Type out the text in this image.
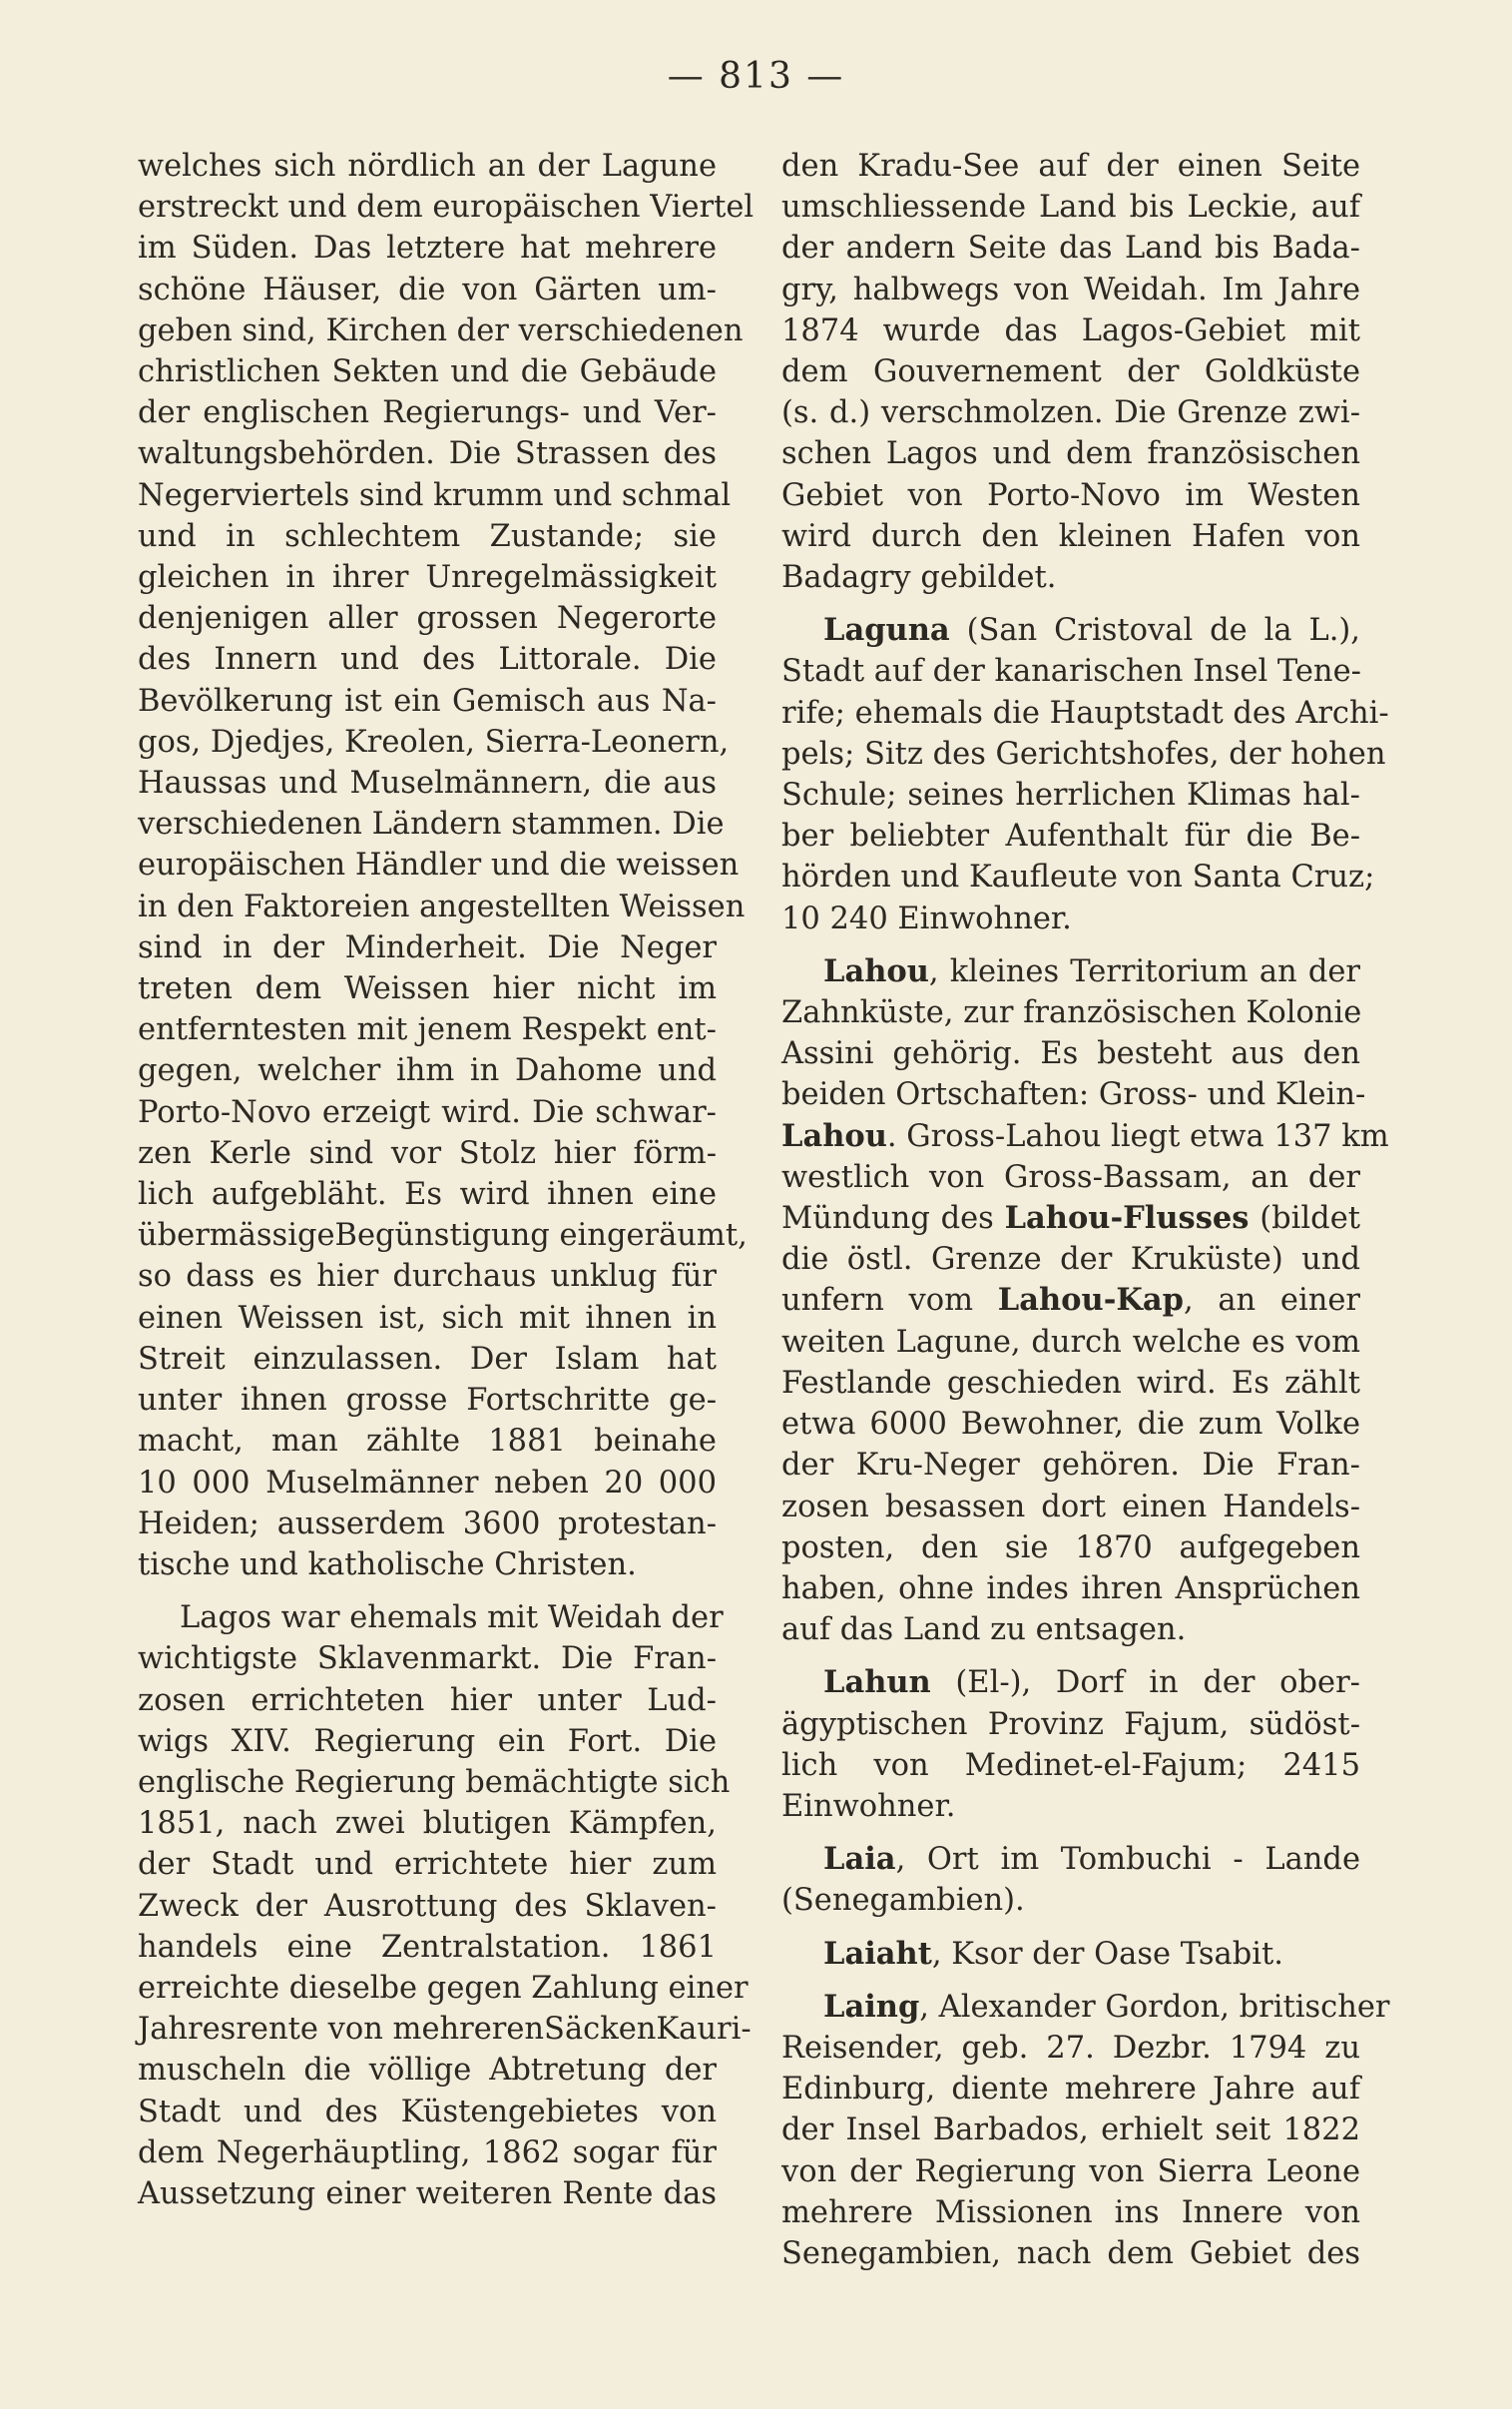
— 813 —
welches sich nördlich an der Lagune
erstreckt und dem europäischen Viertel
im Süden. Das letztere hat mehrere
schöne Häuser, die von Gärten um-
geben sind, Kirchen der verschiedenen
christlichen Sekten und die Gebäude
der englischen Regierungs- und Ver-
waltungsbehörden. Die Strassen des
Negerviertels sind krumm und schmal
und in schlechtem Zustande; sie
gleichen in ihrer Unregelmässigkeit
denjenigen aller grossen Negerorte
des Innern und des Littorale. Die
Bevölkerung ist ein Gemisch aus Na-
gos, Djedjes, Kreolen, Sierra-Leonern,
Haussas und Muselmännern, die aus
verschiedenen Ländern stammen. Die
europäischen Händler und die weissen
in den Faktoreien angestellten Weissen
sind in der Minderheit. Die Neger
treten dem Weissen hier nicht im
entferntesten mit jenem Respekt ent-
gegen, welcher ihm in Dahome und
Porto-Novo erzeigt wird. Die schwar-
zen Kerle sind vor Stolz hier förm-
lich aufgebläht. Es wird ihnen eine
übermässigeBegünstigung eingeräumt,
so dass es hier durchaus unklug für
einen Weissen ist, sich mit ihnen in
Streit einzulassen. Der Islam hat
unter ihnen grosse Fortschritte ge-
macht, man zählte 1881 beinahe
10 000 Muselmänner neben 20 000
Heiden; ausserdem 3600 protestan-
tische und katholische Christen.
Lagos war ehemals mit Weidah der
wichtigste Sklavenmarkt. Die Fran-
zosen errichteten hier unter Lud-
wigs XIV. Regierung ein Fort. Die
englische Regierung bemächtigte sich
1851, nach zwei blutigen Kämpfen,
der Stadt und errichtete hier zum
Zweck der Ausrottung des Sklaven-
handels eine Zentralstation. 1861
erreichte dieselbe gegen Zahlung einer
Jahresrente von mehrerenSäckenKauri-
muscheln die völlige Abtretung der
Stadt und des Küstengebietes von
dem Negerhäuptling, 1862 sogar für
Aussetzung einer weiteren Rente das
den Kradu-See auf der einen Seite
umschliessende Land bis Leckie, auf
der andern Seite das Land bis Bada-
gry, halbwegs von Weidah. Im Jahre
1874 wurde das Lagos-Gebiet mit
dem Gouvernement der Goldküste
(s. d.) verschmolzen. Die Grenze zwi-
schen Lagos und dem französischen
Gebiet von Porto-Novo im Westen
wird durch den kleinen Hafen von
Badagry gebildet.
Laguna (San Cristoval de la L.),
Stadt auf der kanarischen Insel Tene-
rife; ehemals die Hauptstadt des Archi-
pels; Sitz des Gerichtshofes, der hohen
Schule; seines herrlichen Klimas hal-
ber beliebter Aufenthalt für die Be-
hörden und Kaufleute von Santa Cruz;
10 240 Einwohner.
Lahou, kleines Territorium an der
Zahnküste, zur französischen Kolonie
Assini gehörig. Es besteht aus den
beiden Ortschaften: Gross- und Klein-
Lahou. Gross-Lahou liegt etwa 137 km
westlich von Gross-Bassam, an der
Mündung des Lahou-Flusses (bildet
die östl. Grenze der Kruküste) und
unfern vom Lahou-Kap, an einer
weiten Lagune, durch welche es vom
Festlande geschieden wird. Es zählt
etwa 6000 Bewohner, die zum Volke
der Kru-Neger gehören. Die Fran-
zosen besassen dort einen Handels-
posten, den sie 1870 aufgegeben
haben, ohne indes ihren Ansprüchen
auf das Land zu entsagen.
Lahun (El-), Dorf in der ober-
ägyptischen Provinz Fajum, südöst-
lich von Medinet-el-Fajum; 2415
Einwohner.
Laia, Ort im Tombuchi - Lande
(Senegambien).
Laiaht, Ksor der Oase Tsabit.
Laing, Alexander Gordon, britischer
Reisender, geb. 27. Dezbr. 1794 zu
Edinburg, diente mehrere Jahre auf
der Insel Barbados, erhielt seit 1822
von der Regierung von Sierra Leone
mehrere Missionen ins Innere von
Senegambien, nach dem Gebiet des
